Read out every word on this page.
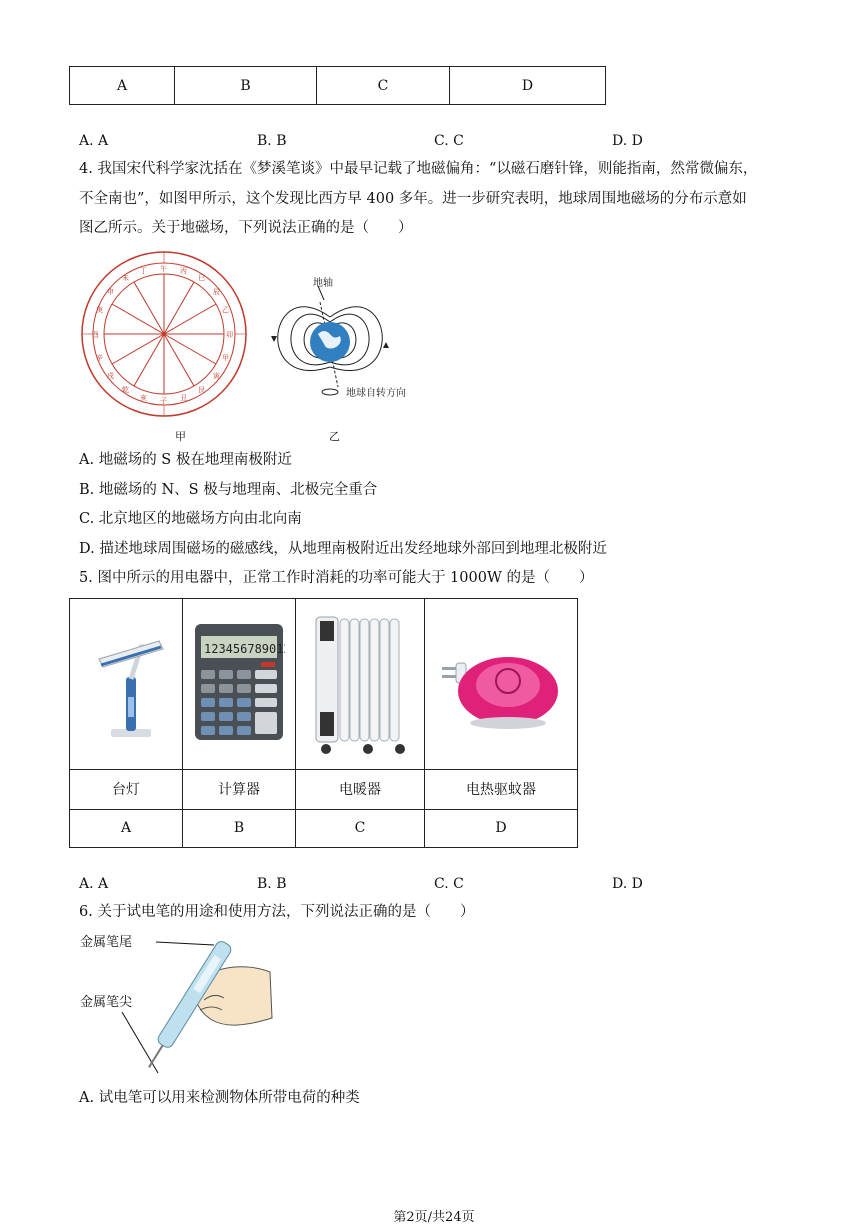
A	B	C	D
A. A	B. B	C. C	D. D
4. 我国宋代科学家沈括在《梦溪笔谈》中最早记载了地磁偏角：“以磁石磨针锋，则能指南，然常微偏东，
不全南也”，如图甲所示，这个发现比西方早 400 多年。进一步研究表明，地球周围地磁场的分布示意如
图乙所示。关于地磁场，下列说法正确的是（　　）
午 丙
丁
巳
未
辰
申
乙
庚
卯
酉
甲
辛
寅
戌
艮
乾
丑
亥 子
甲
地轴
地球自转方向
乙
A. 地磁场的 S 极在地理南极附近
B. 地磁场的 N、S 极与地理南、北极完全重合
C. 北京地区的地磁场方向由北向南
D. 描述地球周围磁场的磁感线，从地理南极附近出发经地球外部回到地理北极附近
5. 图中所示的用电器中，正常工作时消耗的功率可能大于 1000W 的是（　　）

123456789012

台灯	计算器	电暖器	电热驱蚊器
A	B	C	D
A. A	B. B	C. C	D. D
6. 关于试电笔的用途和使用方法，下列说法正确的是（　　）
金属笔尾
金属笔尖
A. 试电笔可以用来检测物体所带电荷的种类
第2页/共24页
